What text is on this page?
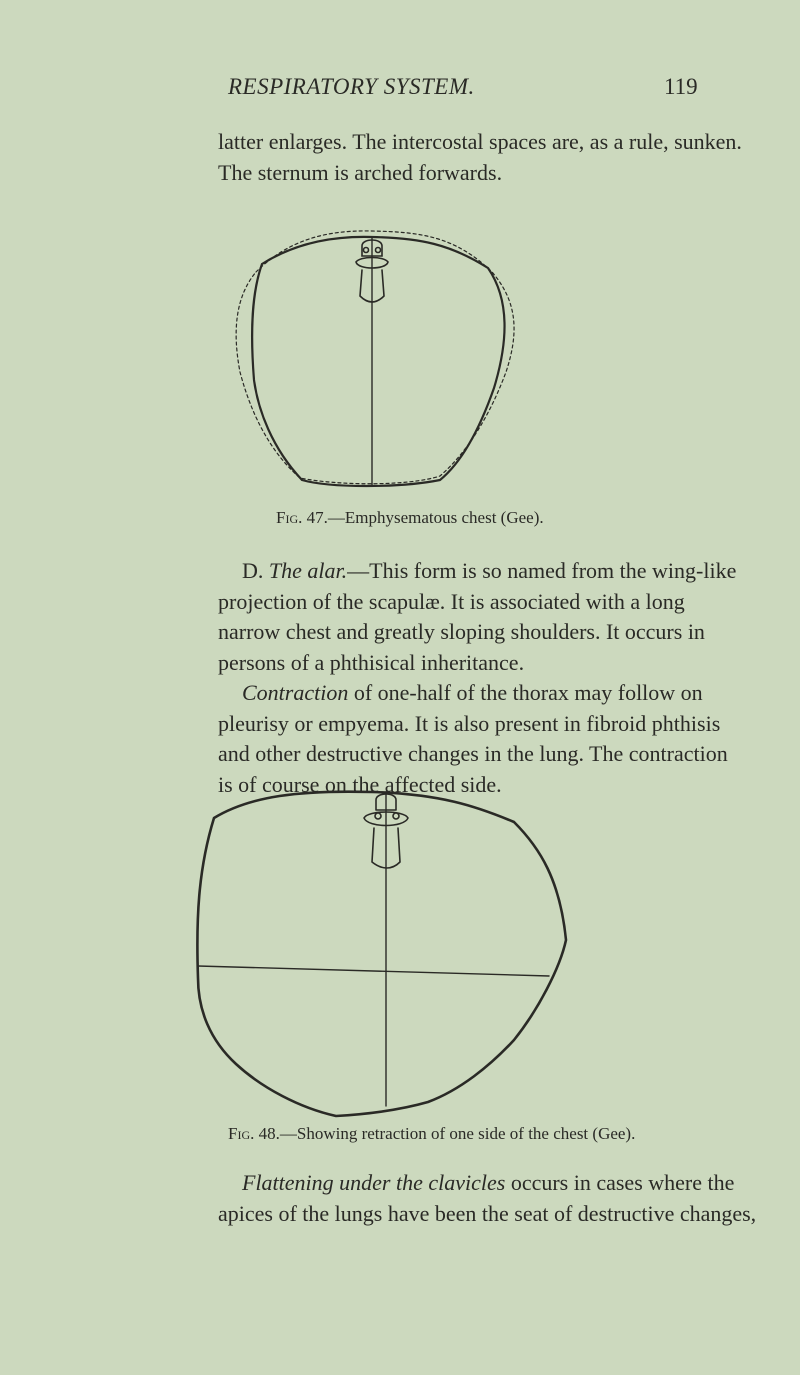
RESPIRATORY SYSTEM.	119

latter enlarges. The intercostal spaces are, as a rule, sunken.
The sternum is arched forwards.

Fig. 47.—Emphysematous chest (Gee).

D. The alar.—This form is so named from the wing-like
projection of the scapulæ. It is associated with a long
narrow chest and greatly sloping shoulders. It occurs in
persons of a phthisical inheritance.

Contraction of one-half of the thorax may follow on
pleurisy or empyema. It is also present in fibroid phthisis
and other destructive changes in the lung. The contraction
is of course on the affected side.

Fig. 48.—Showing retraction of one side of the chest (Gee).

Flattening under the clavicles occurs in cases where the
apices of the lungs have been the seat of destructive changes,
